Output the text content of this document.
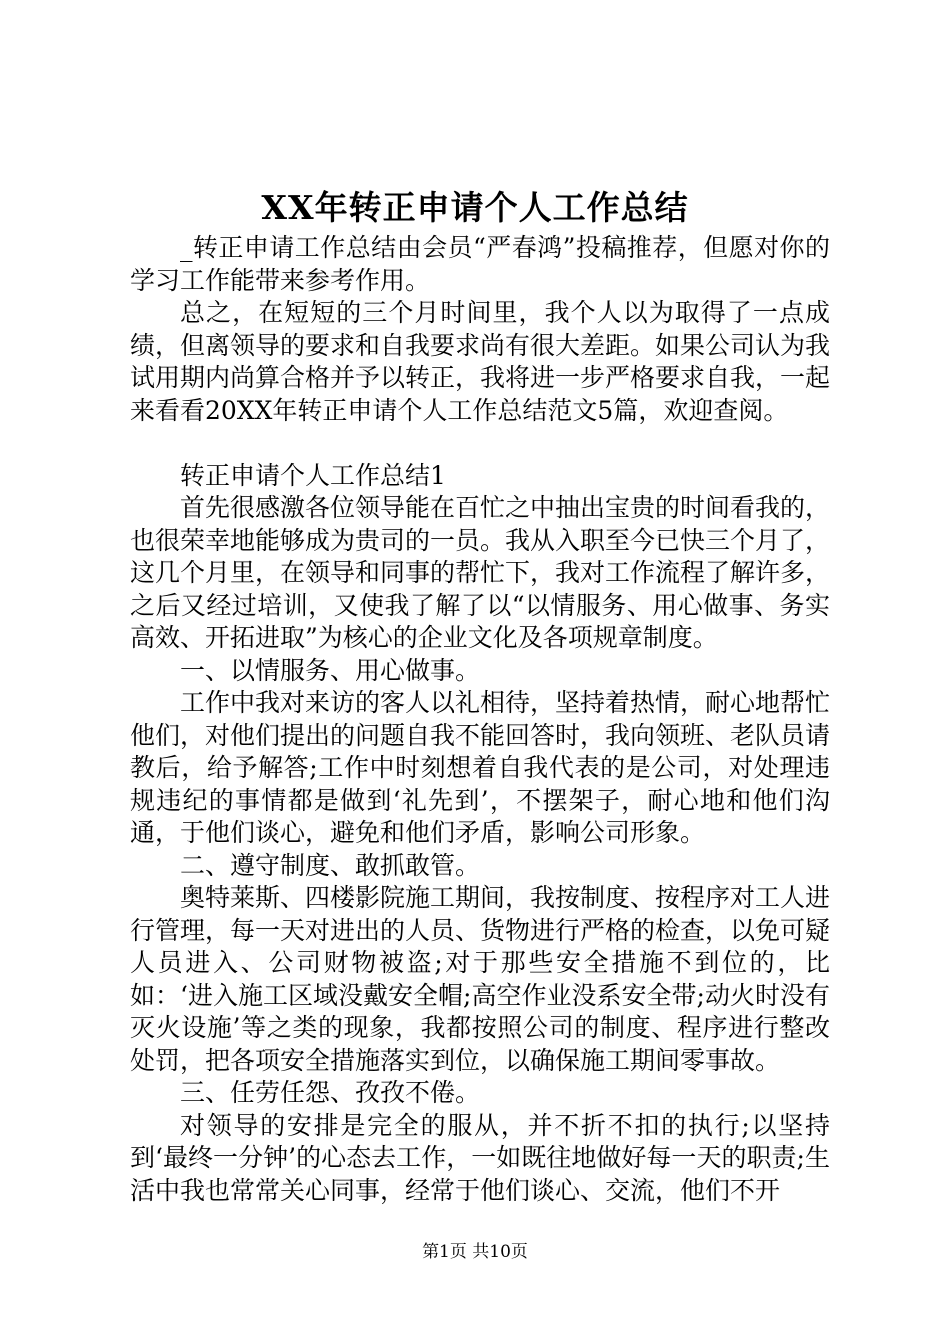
XX年转正申请个人工作总结

_转正申请工作总结由会员“严春鸿”投稿推荐，但愿对你的学习工作能带来参考作用。

总之，在短短的三个月时间里，我个人以为取得了一点成绩，但离领导的要求和自我要求尚有很大差距。如果公司认为我试用期内尚算合格并予以转正，我将进一步严格要求自我，一起来看看20XX年转正申请个人工作总结范文5篇，欢迎查阅。

转正申请个人工作总结1

首先很感激各位领导能在百忙之中抽出宝贵的时间看我的，也很荣幸地能够成为贵司的一员。我从入职至今已快三个月了，这几个月里，在领导和同事的帮忙下，我对工作流程了解许多，之后又经过培训，又使我了解了以“以情服务、用心做事、务实高效、开拓进取”为核心的企业文化及各项规章制度。

一、以情服务、用心做事。

工作中我对来访的客人以礼相待，坚持着热情，耐心地帮忙他们，对他们提出的问题自我不能回答时，我向领班、老队员请教后，给予解答;工作中时刻想着自我代表的是公司，对处理违规违纪的事情都是做到‘礼先到’，不摆架子，耐心地和他们沟通，于他们谈心，避免和他们矛盾，影响公司形象。

二、遵守制度、敢抓敢管。

奥特莱斯、四楼影院施工期间，我按制度、按程序对工人进行管理，每一天对进出的人员、货物进行严格的检查，以免可疑人员进入、公司财物被盗;对于那些安全措施不到位的，比如：‘进入施工区域没戴安全帽;高空作业没系安全带;动火时没有灭火设施’等之类的现象，我都按照公司的制度、程序进行整改处罚，把各项安全措施落实到位，以确保施工期间零事故。

三、任劳任怨、孜孜不倦。

对领导的安排是完全的服从，并不折不扣的执行;以坚持到‘最终一分钟’的心态去工作，一如既往地做好每一天的职责;生活中我也常常关心同事，经常于他们谈心、交流，他们不开

第1页 共10页
